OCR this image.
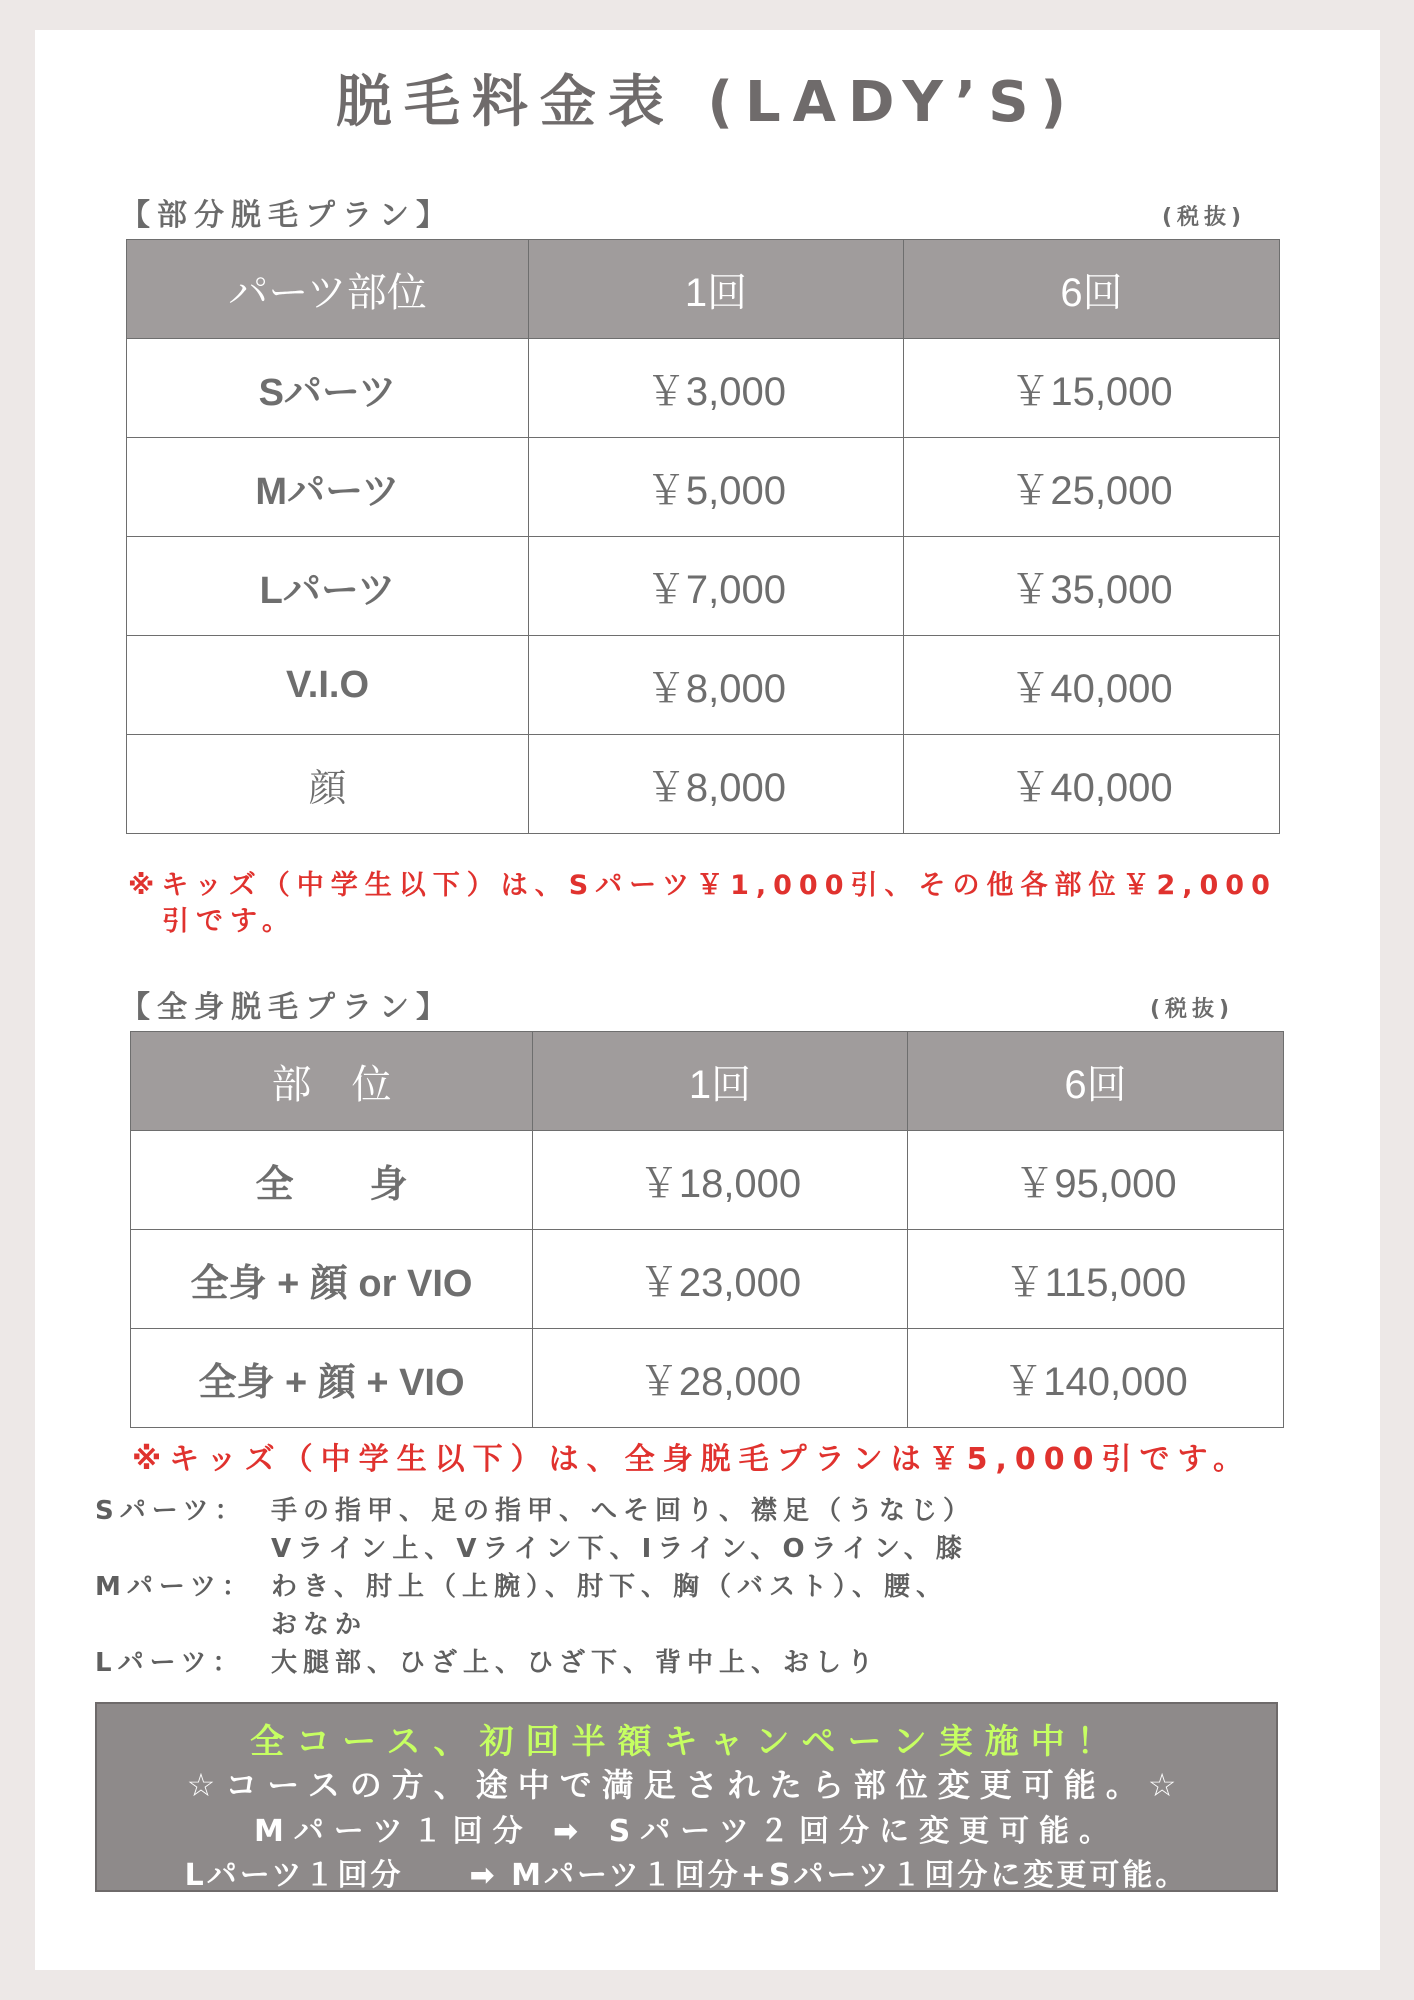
脱毛料金表 (LADY’S)
【部分脱毛プラン】	(税抜)
パーツ部位	1回	6回
Sパーツ	￥3,000	￥15,000
Mパーツ	￥5,000	￥25,000
Lパーツ	￥7,000	￥35,000
V.I.O	￥8,000	￥40,000
顔	￥8,000	￥40,000
※キッズ（中学生以下）は、Sパーツ￥1,000引、その他各部位￥2,000
引です。
【全身脱毛プラン】	(税抜)
部　位	1回	6回
全　　身	￥18,000	￥95,000
全身 + 顔 or VIO	￥23,000	￥115,000
全身 + 顔 + VIO	￥28,000	￥140,000
※キッズ（中学生以下）は、全身脱毛プランは￥5,000引です。
Sパーツ： 手の指甲、足の指甲、へそ回り、襟足（うなじ）
Vライン上、Vライン下、Iライン、Oライン、膝
Mパーツ： わき、肘上（上腕）、肘下、胸（バスト）、腰、
おなか
Lパーツ：	大腿部、ひざ上、ひざ下、背中上、おしり
全コース、初回半額キャンペーン実施中！
☆コースの方、途中で満足されたら部位変更可能。☆
Mパーツ１回分 ➡ Sパーツ２回分に変更可能。
Lパーツ１回分　　➡ Mパーツ１回分+Sパーツ１回分に変更可能。
